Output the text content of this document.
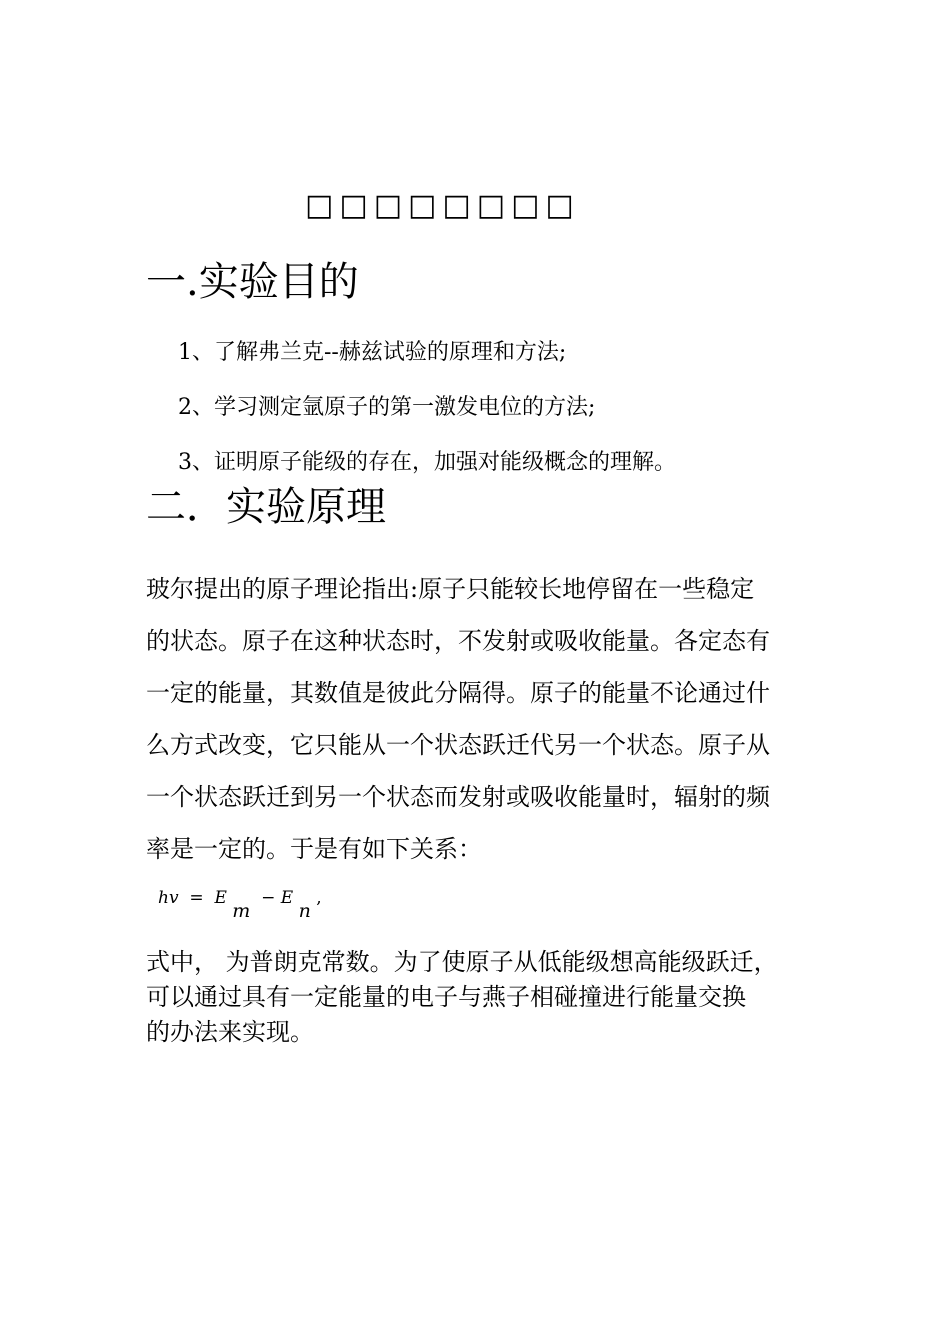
□□□□□□□□
一.实验目的
1、了解弗兰克--赫兹试验的原理和方法;
2、学习测定氩原子的第一激发电位的方法;
3、证明原子能级的存在，加强对能级概念的理解。
二．实验原理

玻尔提出的原子理论指出:原子只能较长地停留在一些稳定
的状态。原子在这种状态时，不发射或吸收能量。各定态有
一定的能量，其数值是彼此分隔得。原子的能量不论通过什
么方式改变，它只能从一个状态跃迁代另一个状态。原子从
一个状态跃迁到另一个状态而发射或吸收能量时，辐射的频
率是一定的。于是有如下关系：

hv = E m  − E n ,

式中， 为普朗克常数。为了使原子从低能级想高能级跃迁，
可以通过具有一定能量的电子与燕子相碰撞进行能量交换
的办法来实现。
